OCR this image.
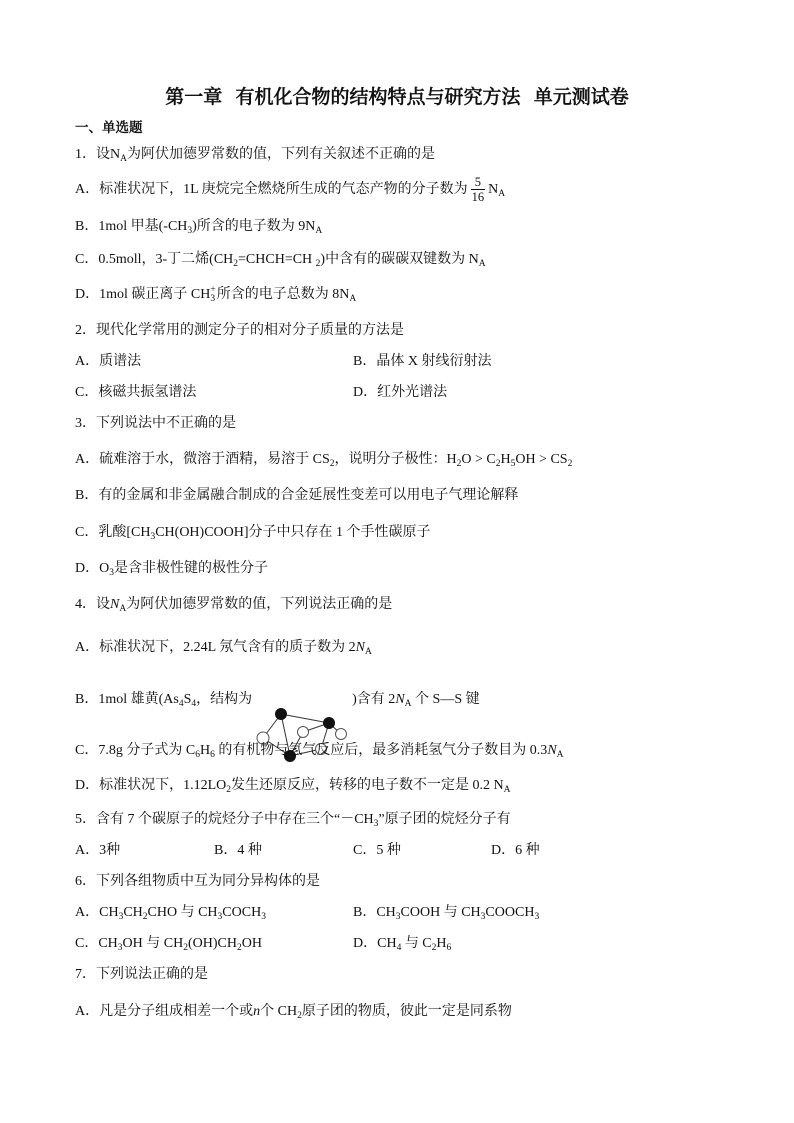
第一章  有机化合物的结构特点与研究方法  单元测试卷
一、单选题
1．设$N_A$为阿伏加德罗常数的值，下列有关叙述不正确的是
A．标准状况下，1L 庚烷完全燃烧所生成的气态产物的分子数为 $\frac{5}{16} N_A$
B．1mol 甲基$(-CH_3)$所含的电子数为 $9N_A$
C．0.5moll，3-丁二烯($CH_2=CHCH=CH$ $_2$)中含有的碳碳双键数为 $N_A$
D．1mol 碳正离子 CH +
3 所含的电子总数为 $8N_A$
2．现代化学常用的测定分子的相对分子质量的方法是
A．质谱法	B．晶体 X 射线衍射法
C．核磁共振氢谱法	D．红外光谱法
3．下列说法中不正确的是
A．硫难溶于水，微溶于酒精，易溶于 $CS_2$，说明分子极性：$H_2O > C_2H_5OH > CS_2$
B．有的金属和非金属融合制成的合金延展性变差可以用电子气理论解释
C．乳酸$[CH_3CH(OH)COOH]$分子中只存在 1 个手性碳原子
D．$O_3$是含非极性键的极性分子
4．设$N_A$为阿伏加德罗常数的值，下列说法正确的是
A．标准状况下，2.24L 氖气含有的质子数为 $2N_A$
B．1mol 雄黄($As_4S_4$，结构为
	)含有 $2N_A$ 个 S—S 键
C．7.8g 分子式为 $C_6H_6$ 的有机物与氢气反应后，最多消耗氢气分子数目为 $0.3N_A$
D．标准状况下，$1.12LO_2$发生还原反应，转移的电子数不一定是 0.2 $N_A$
5．含有 7 个碳原子的烷烃分子中存在三个“$-CH_3$”原子团的烷烃分子有
A．3种	B．4 种	C．5 种	D．6 种
6．下列各组物质中互为同分异构体的是
A．$CH_3CH_2CHO$ 与 $CH_3COCH_3$	B．$CH_3COOH$ 与 $CH_3COOCH_3$
C．$CH_3OH$ 与 $CH_2(OH)CH_2OH$	D．$CH_4$ 与 $C_2H_6$
7．下列说法正确的是
A．凡是分子组成相差一个或n个 $CH_2$原子团的物质，彼此一定是同系物
